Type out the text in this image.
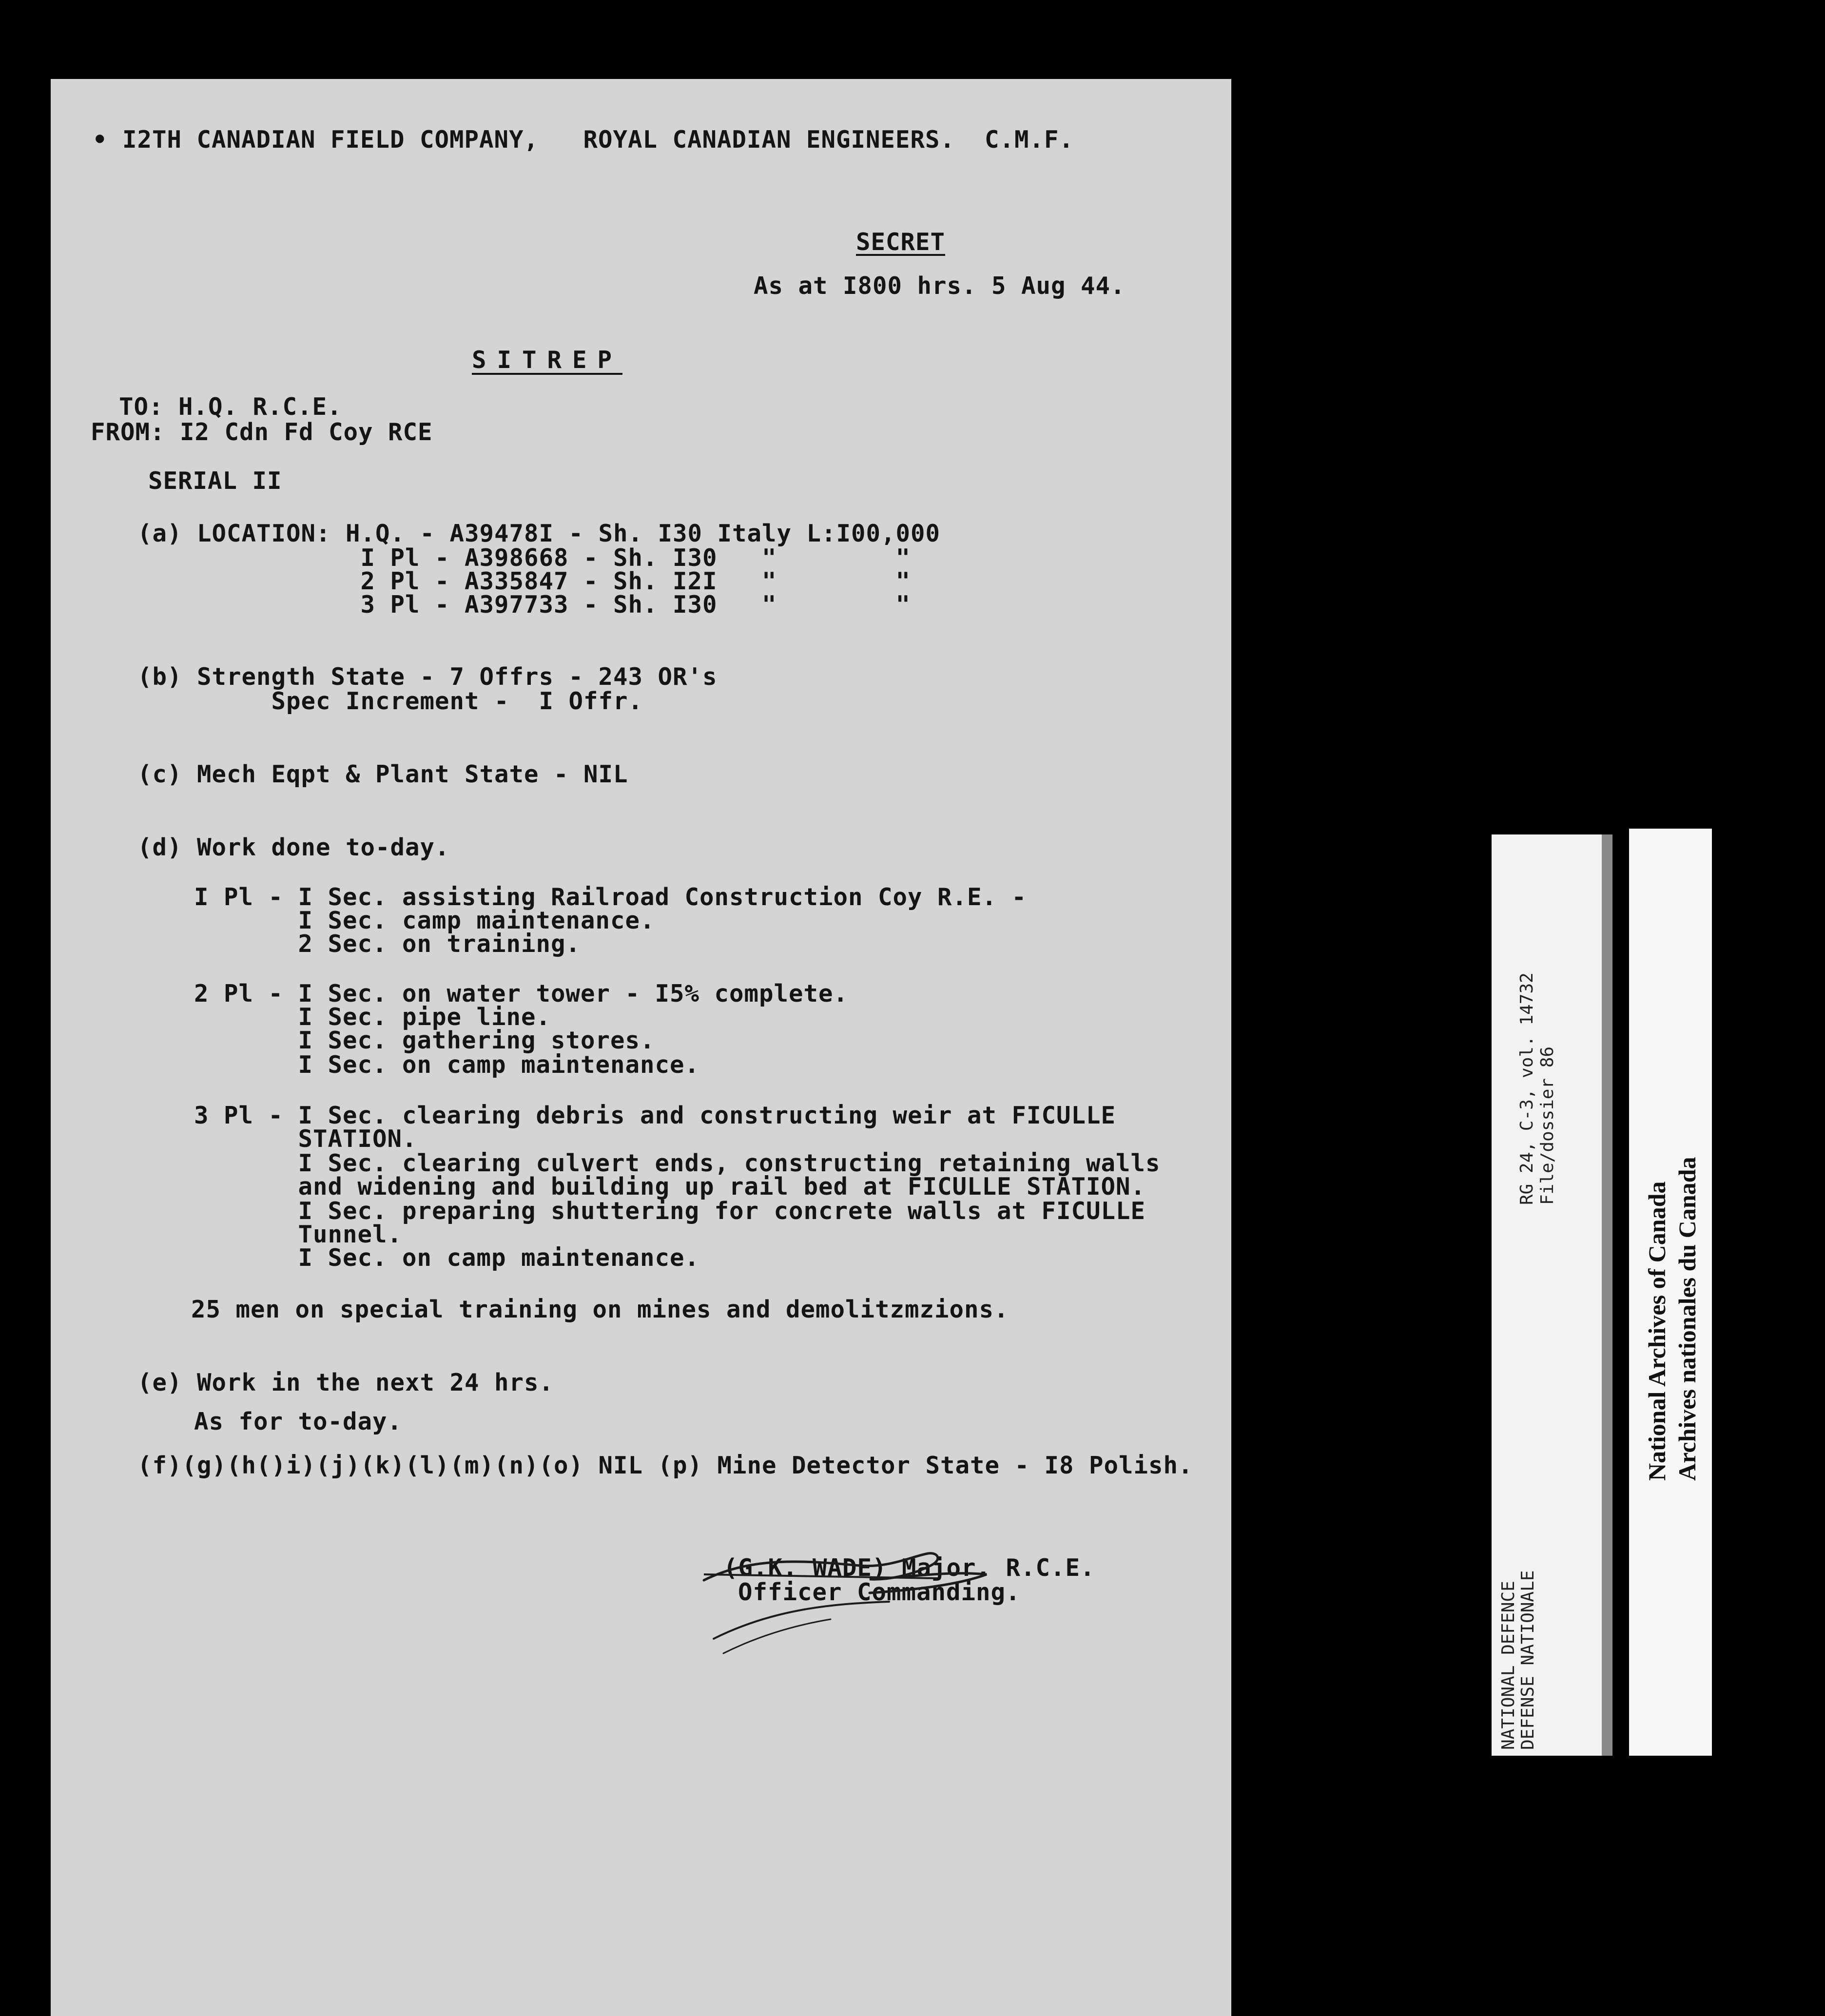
• I2TH CANADIAN FIELD COMPANY,   ROYAL CANADIAN ENGINEERS.  C.M.F.
SECRET
As at I800 hrs. 5 Aug 44.
SITREP
TO: H.Q. R.C.E.
FROM: I2 Cdn Fd Coy RCE
SERIAL II
(a) LOCATION: H.Q. - A39478I - Sh. I30 Italy L:I00,000
I Pl - A398668 - Sh. I30   "        "
2 Pl - A335847 - Sh. I2I   "        "
3 Pl - A397733 - Sh. I30   "        "
(b) Strength State - 7 Offrs - 243 OR's
Spec Increment -  I Offr.
(c) Mech Eqpt & Plant State - NIL
(d) Work done to-day.
I Pl - I Sec. assisting Railroad Construction Coy R.E. -
I Sec. camp maintenance.
2 Sec. on training.
2 Pl - I Sec. on water tower - I5% complete.
I Sec. pipe line.
I Sec. gathering stores.
I Sec. on camp maintenance.
3 Pl - I Sec. clearing debris and constructing weir at FICULLE
STATION.
I Sec. clearing culvert ends, constructing retaining walls
and widening and building up rail bed at FICULLE STATION.
I Sec. preparing shuttering for concrete walls at FICULLE
Tunnel.
I Sec. on camp maintenance.
25 men on special training on mines and demolitzmzions.
(e) Work in the next 24 hrs.
As for to-day.
(f)(g)(h()i)(j)(k)(l)(m)(n)(o) NIL (p) Mine Detector State - I8 Polish.
(G.K. WADE) Major. R.C.E.
Officer Commanding.
RG 24, C-3, vol. 14732 File/dossier 86
NATIONAL DEFENCE DEFENSE NATIONALE
National Archives of Canada Archives nationales du Canada
